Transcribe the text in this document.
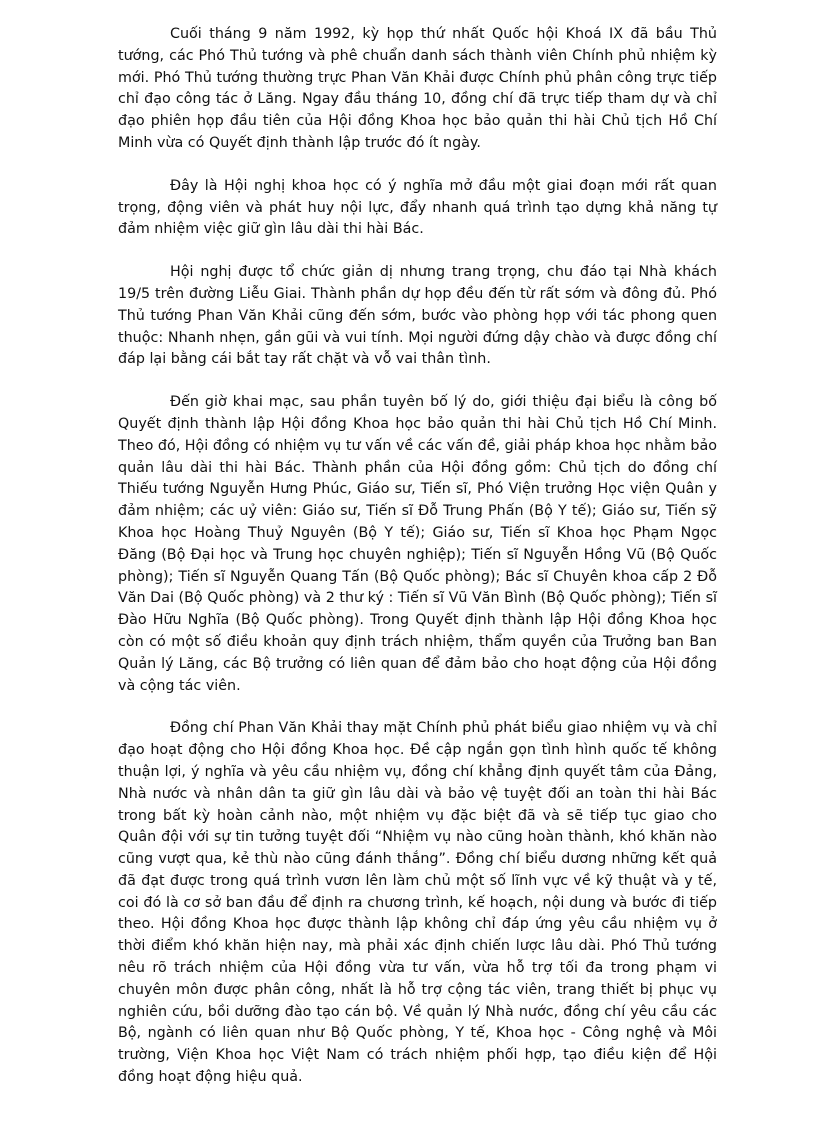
Cuối tháng 9 năm 1992, kỳ họp thứ nhất Quốc hội Khoá IX đã bầu Thủ tướng, các Phó Thủ tướng và phê chuẩn danh sách thành viên Chính phủ nhiệm kỳ mới. Phó Thủ tướng thường trực Phan Văn Khải được Chính phủ phân công trực tiếp chỉ đạo công tác ở Lăng. Ngay đầu tháng 10, đồng chí đã trực tiếp tham dự và chỉ đạo phiên họp đầu tiên của Hội đồng Khoa học bảo quản thi hài Chủ tịch Hồ Chí Minh vừa có Quyết định thành lập trước đó ít ngày.

Đây là Hội nghị khoa học có ý nghĩa mở đầu một giai đoạn mới rất quan trọng, động viên và phát huy nội lực, đẩy nhanh quá trình tạo dựng khả năng tự đảm nhiệm việc giữ gìn lâu dài thi hài Bác.

Hội nghị được tổ chức giản dị nhưng trang trọng, chu đáo tại Nhà khách 19/5 trên đường Liễu Giai. Thành phần dự họp đều đến từ rất sớm và đông đủ. Phó Thủ tướng Phan Văn Khải cũng đến sớm, bước vào phòng họp với tác phong quen thuộc: Nhanh nhẹn, gần gũi và vui tính. Mọi người đứng dậy chào và được đồng chí đáp lại bằng cái bắt tay rất chặt và vỗ vai thân tình.

Đến giờ khai mạc, sau phần tuyên bố lý do, giới thiệu đại biểu là công bố Quyết định thành lập Hội đồng Khoa học bảo quản thi hài Chủ tịch Hồ Chí Minh. Theo đó, Hội đồng có nhiệm vụ tư vấn về các vấn đề, giải pháp khoa học nhằm bảo quản lâu dài thi hài Bác. Thành phần của Hội đồng gồm: Chủ tịch do đồng chí Thiếu tướng Nguyễn Hưng Phúc, Giáo sư, Tiến sĩ, Phó Viện trưởng Học viện Quân y đảm nhiệm; các uỷ viên: Giáo sư, Tiến sĩ Đỗ Trung Phấn (Bộ Y tế); Giáo sư, Tiến sỹ Khoa học Hoàng Thuỷ Nguyên (Bộ Y tế); Giáo sư, Tiến sĩ Khoa học Phạm Ngọc Đăng (Bộ Đại học và Trung học chuyên nghiệp); Tiến sĩ Nguyễn Hồng Vũ (Bộ Quốc phòng); Tiến sĩ Nguyễn Quang Tấn (Bộ Quốc phòng); Bác sĩ Chuyên khoa cấp 2 Đỗ Văn Dai (Bộ Quốc phòng) và 2 thư ký : Tiến sĩ Vũ Văn Bình (Bộ Quốc phòng); Tiến sĩ Đào Hữu Nghĩa (Bộ Quốc phòng). Trong Quyết định thành lập Hội đồng Khoa học còn có một số điều khoản quy định trách nhiệm, thẩm quyền của Trưởng ban Ban Quản lý Lăng, các Bộ trưởng có liên quan để đảm bảo cho hoạt động của Hội đồng và cộng tác viên.

Đồng chí Phan Văn Khải thay mặt Chính phủ phát biểu giao nhiệm vụ và chỉ đạo hoạt động cho Hội đồng Khoa học. Đề cập ngắn gọn tình hình quốc tế không thuận lợi, ý nghĩa và yêu cầu nhiệm vụ, đồng chí khẳng định quyết tâm của Đảng, Nhà nước và nhân dân ta giữ gìn lâu dài và bảo vệ tuyệt đối an toàn thi hài Bác trong bất kỳ hoàn cảnh nào, một nhiệm vụ đặc biệt đã và sẽ tiếp tục giao cho Quân đội với sự tin tưởng tuyệt đối “Nhiệm vụ nào cũng hoàn thành, khó khăn nào cũng vượt qua, kẻ thù nào cũng đánh thắng”. Đồng chí biểu dương những kết quả đã đạt được trong quá trình vươn lên làm chủ một số lĩnh vực về kỹ thuật và y tế, coi đó là cơ sở ban đầu để định ra chương trình, kế hoạch, nội dung và bước đi tiếp theo. Hội đồng Khoa học được thành lập không chỉ đáp ứng yêu cầu nhiệm vụ ở thời điểm khó khăn hiện nay, mà phải xác định chiến lược lâu dài. Phó Thủ tướng nêu rõ trách nhiệm của Hội đồng vừa tư vấn, vừa hỗ trợ tối đa trong phạm vi chuyên môn được phân công, nhất là hỗ trợ cộng tác viên, trang thiết bị phục vụ nghiên cứu, bồi dưỡng đào tạo cán bộ. Về quản lý Nhà nước, đồng chí yêu cầu các Bộ, ngành có liên quan như Bộ Quốc phòng, Y tế, Khoa học - Công nghệ và Môi trường, Viện Khoa học Việt Nam có trách nhiệm phối hợp, tạo điều kiện để Hội đồng hoạt động hiệu quả.
